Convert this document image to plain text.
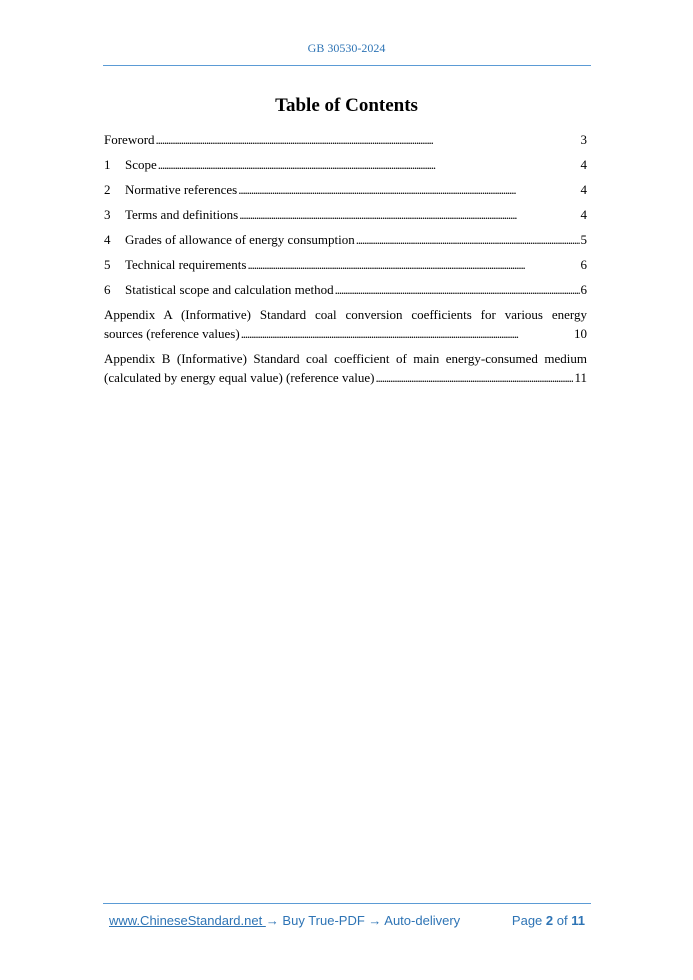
GB 30530-2024
Table of Contents
Foreword . . .	3
1	Scope . . .	4
2	Normative references . . .	4
3	Terms and definitions . . .	4
4	Grades of allowance of energy consumption . . .	5
5	Technical requirements . . .	6
6	Statistical scope and calculation method . . .	6
Appendix A (Informative) Standard coal conversion coefficients for various energy
sources (reference values) . . .	10
Appendix B (Informative) Standard coal coefficient of main energy-consumed medium
(calculated by energy equal value) (reference value) . . .	11
www.ChineseStandard.net → Buy True-PDF → Auto-delivery	Page 2 of 11
